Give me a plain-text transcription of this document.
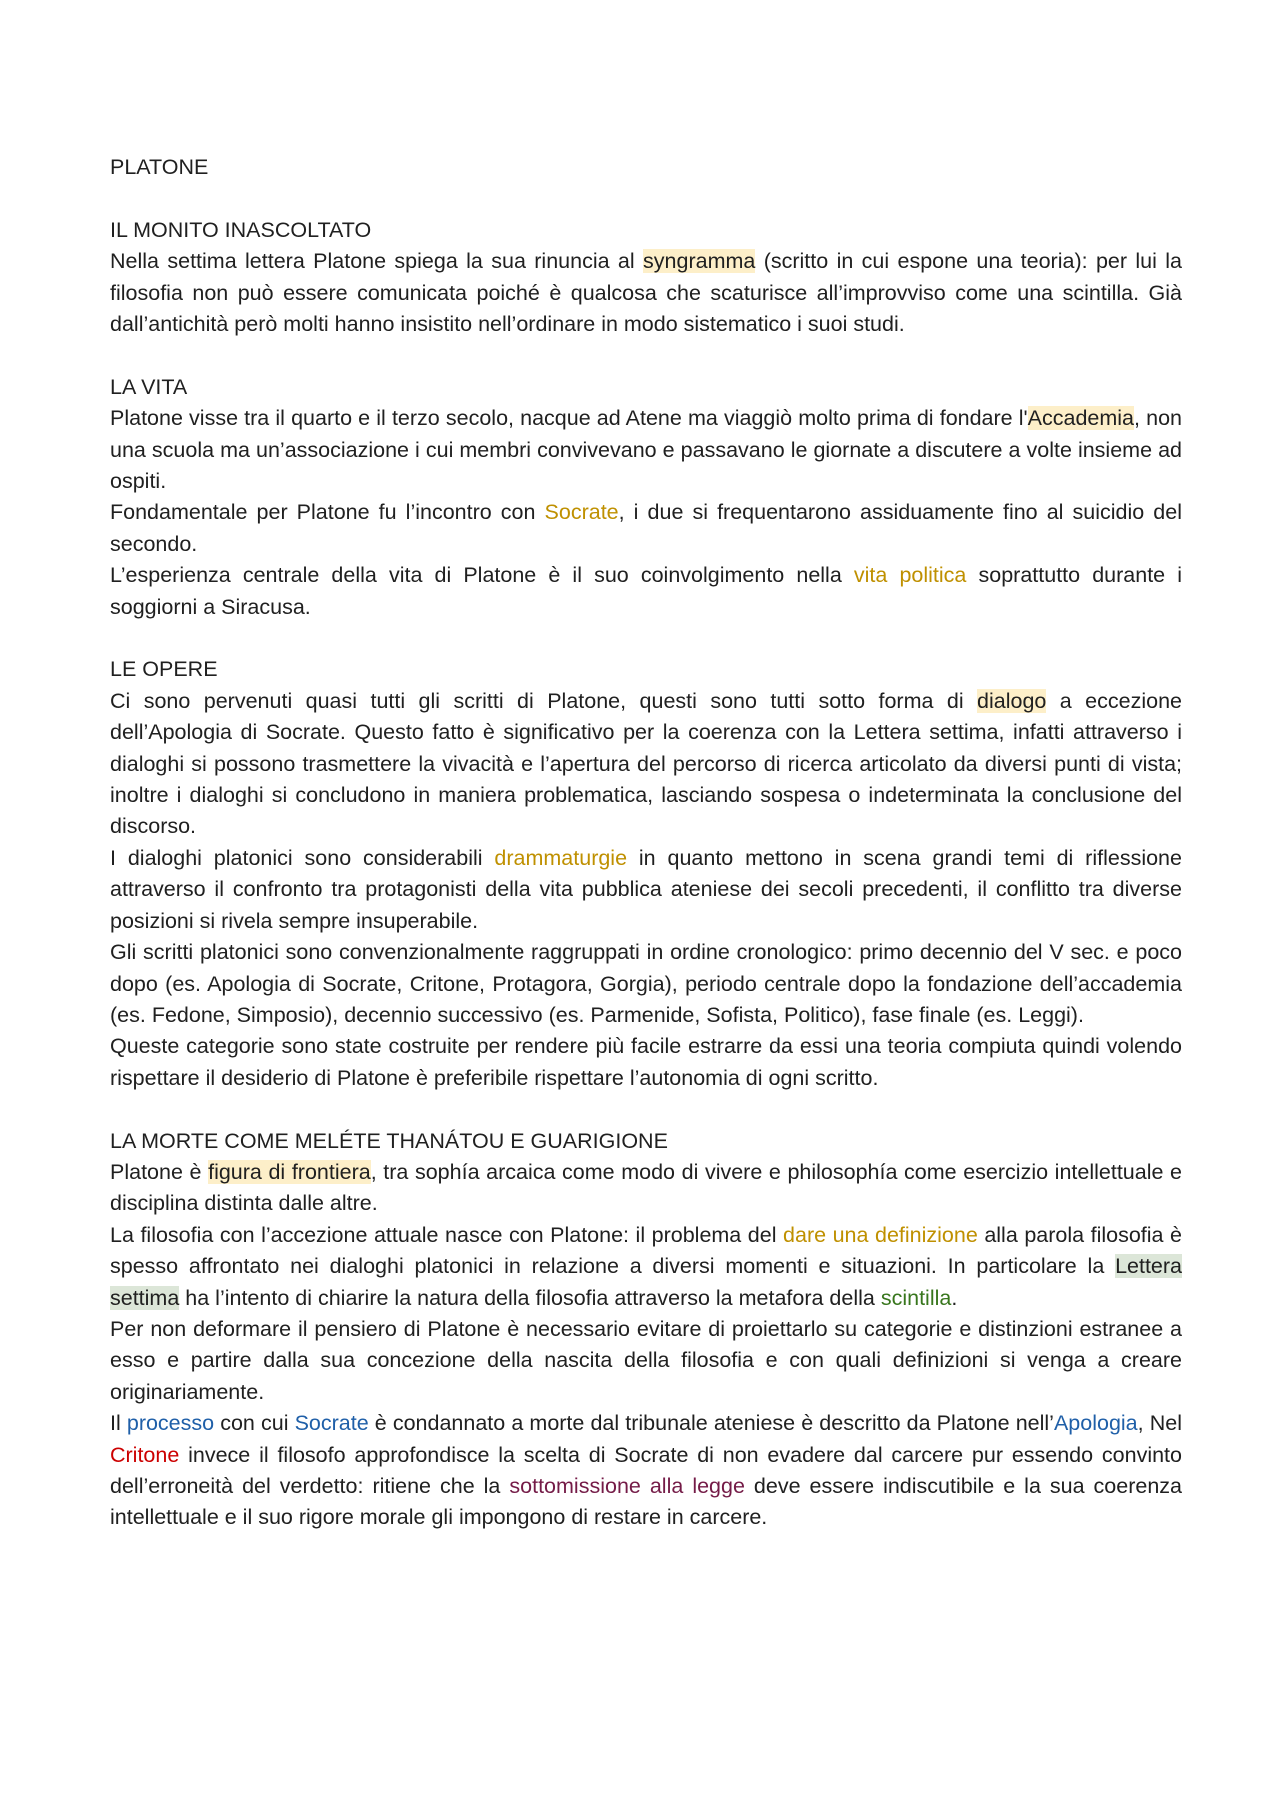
PLATONE
IL MONITO INASCOLTATO

Nella settima lettera Platone spiega la sua rinuncia al syngramma (scritto in cui espone una teoria): per lui la filosofia non può essere comunicata poiché è qualcosa che scaturisce all’improvviso come una scintilla. Già dall’antichità però molti hanno insistito nell’ordinare in modo sistematico i suoi studi.

LA VITA

Platone visse tra il quarto e il terzo secolo, nacque ad Atene ma viaggiò molto prima di fondare l'Accademia, non una scuola ma un’associazione i cui membri convivevano e passavano le giornate a discutere a volte insieme ad ospiti.

Fondamentale per Platone fu l’incontro con Socrate, i due si frequentarono assiduamente fino al suicidio del secondo.

L’esperienza centrale della vita di Platone è il suo coinvolgimento nella vita politica soprattutto durante i soggiorni a Siracusa.

LE OPERE

Ci sono pervenuti quasi tutti gli scritti di Platone, questi sono tutti sotto forma di dialogo a eccezione dell’Apologia di Socrate. Questo fatto è significativo per la coerenza con la Lettera settima, infatti attraverso i dialoghi si possono trasmettere la vivacità e l’apertura del percorso di ricerca articolato da diversi punti di vista; inoltre i dialoghi si concludono in maniera problematica, lasciando sospesa o indeterminata la conclusione del discorso.

I dialoghi platonici sono considerabili drammaturgie in quanto mettono in scena grandi temi di riflessione attraverso il confronto tra protagonisti della vita pubblica ateniese dei secoli precedenti, il conflitto tra diverse posizioni si rivela sempre insuperabile.

Gli scritti platonici sono convenzionalmente raggruppati in ordine cronologico: primo decennio del V sec. e poco dopo (es. Apologia di Socrate, Critone, Protagora, Gorgia), periodo centrale dopo la fondazione dell’accademia (es. Fedone, Simposio), decennio successivo (es. Parmenide, Sofista, Politico), fase finale (es. Leggi).

Queste categorie sono state costruite per rendere più facile estrarre da essi una teoria compiuta quindi volendo rispettare il desiderio di Platone è preferibile rispettare l’autonomia di ogni scritto.

LA MORTE COME MELÉTE THANÁTOU E GUARIGIONE

Platone è figura di frontiera, tra sophía arcaica come modo di vivere e philosophía come esercizio intellettuale e disciplina distinta dalle altre.

La filosofia con l’accezione attuale nasce con Platone: il problema del dare una definizione alla parola filosofia è spesso affrontato nei dialoghi platonici in relazione a diversi momenti e situazioni. In particolare la Lettera settima ha l’intento di chiarire la natura della filosofia attraverso la metafora della scintilla.

Per non deformare il pensiero di Platone è necessario evitare di proiettarlo su categorie e distinzioni estranee a esso e partire dalla sua concezione della nascita della filosofia e con quali definizioni si venga a creare originariamente.

Il processo con cui Socrate è condannato a morte dal tribunale ateniese è descritto da Platone nell’Apologia, Nel Critone invece il filosofo approfondisce la scelta di Socrate di non evadere dal carcere pur essendo convinto dell’erroneità del verdetto: ritiene che la sottomissione alla legge deve essere indiscutibile e la sua coerenza intellettuale e il suo rigore morale gli impongono di restare in carcere.
